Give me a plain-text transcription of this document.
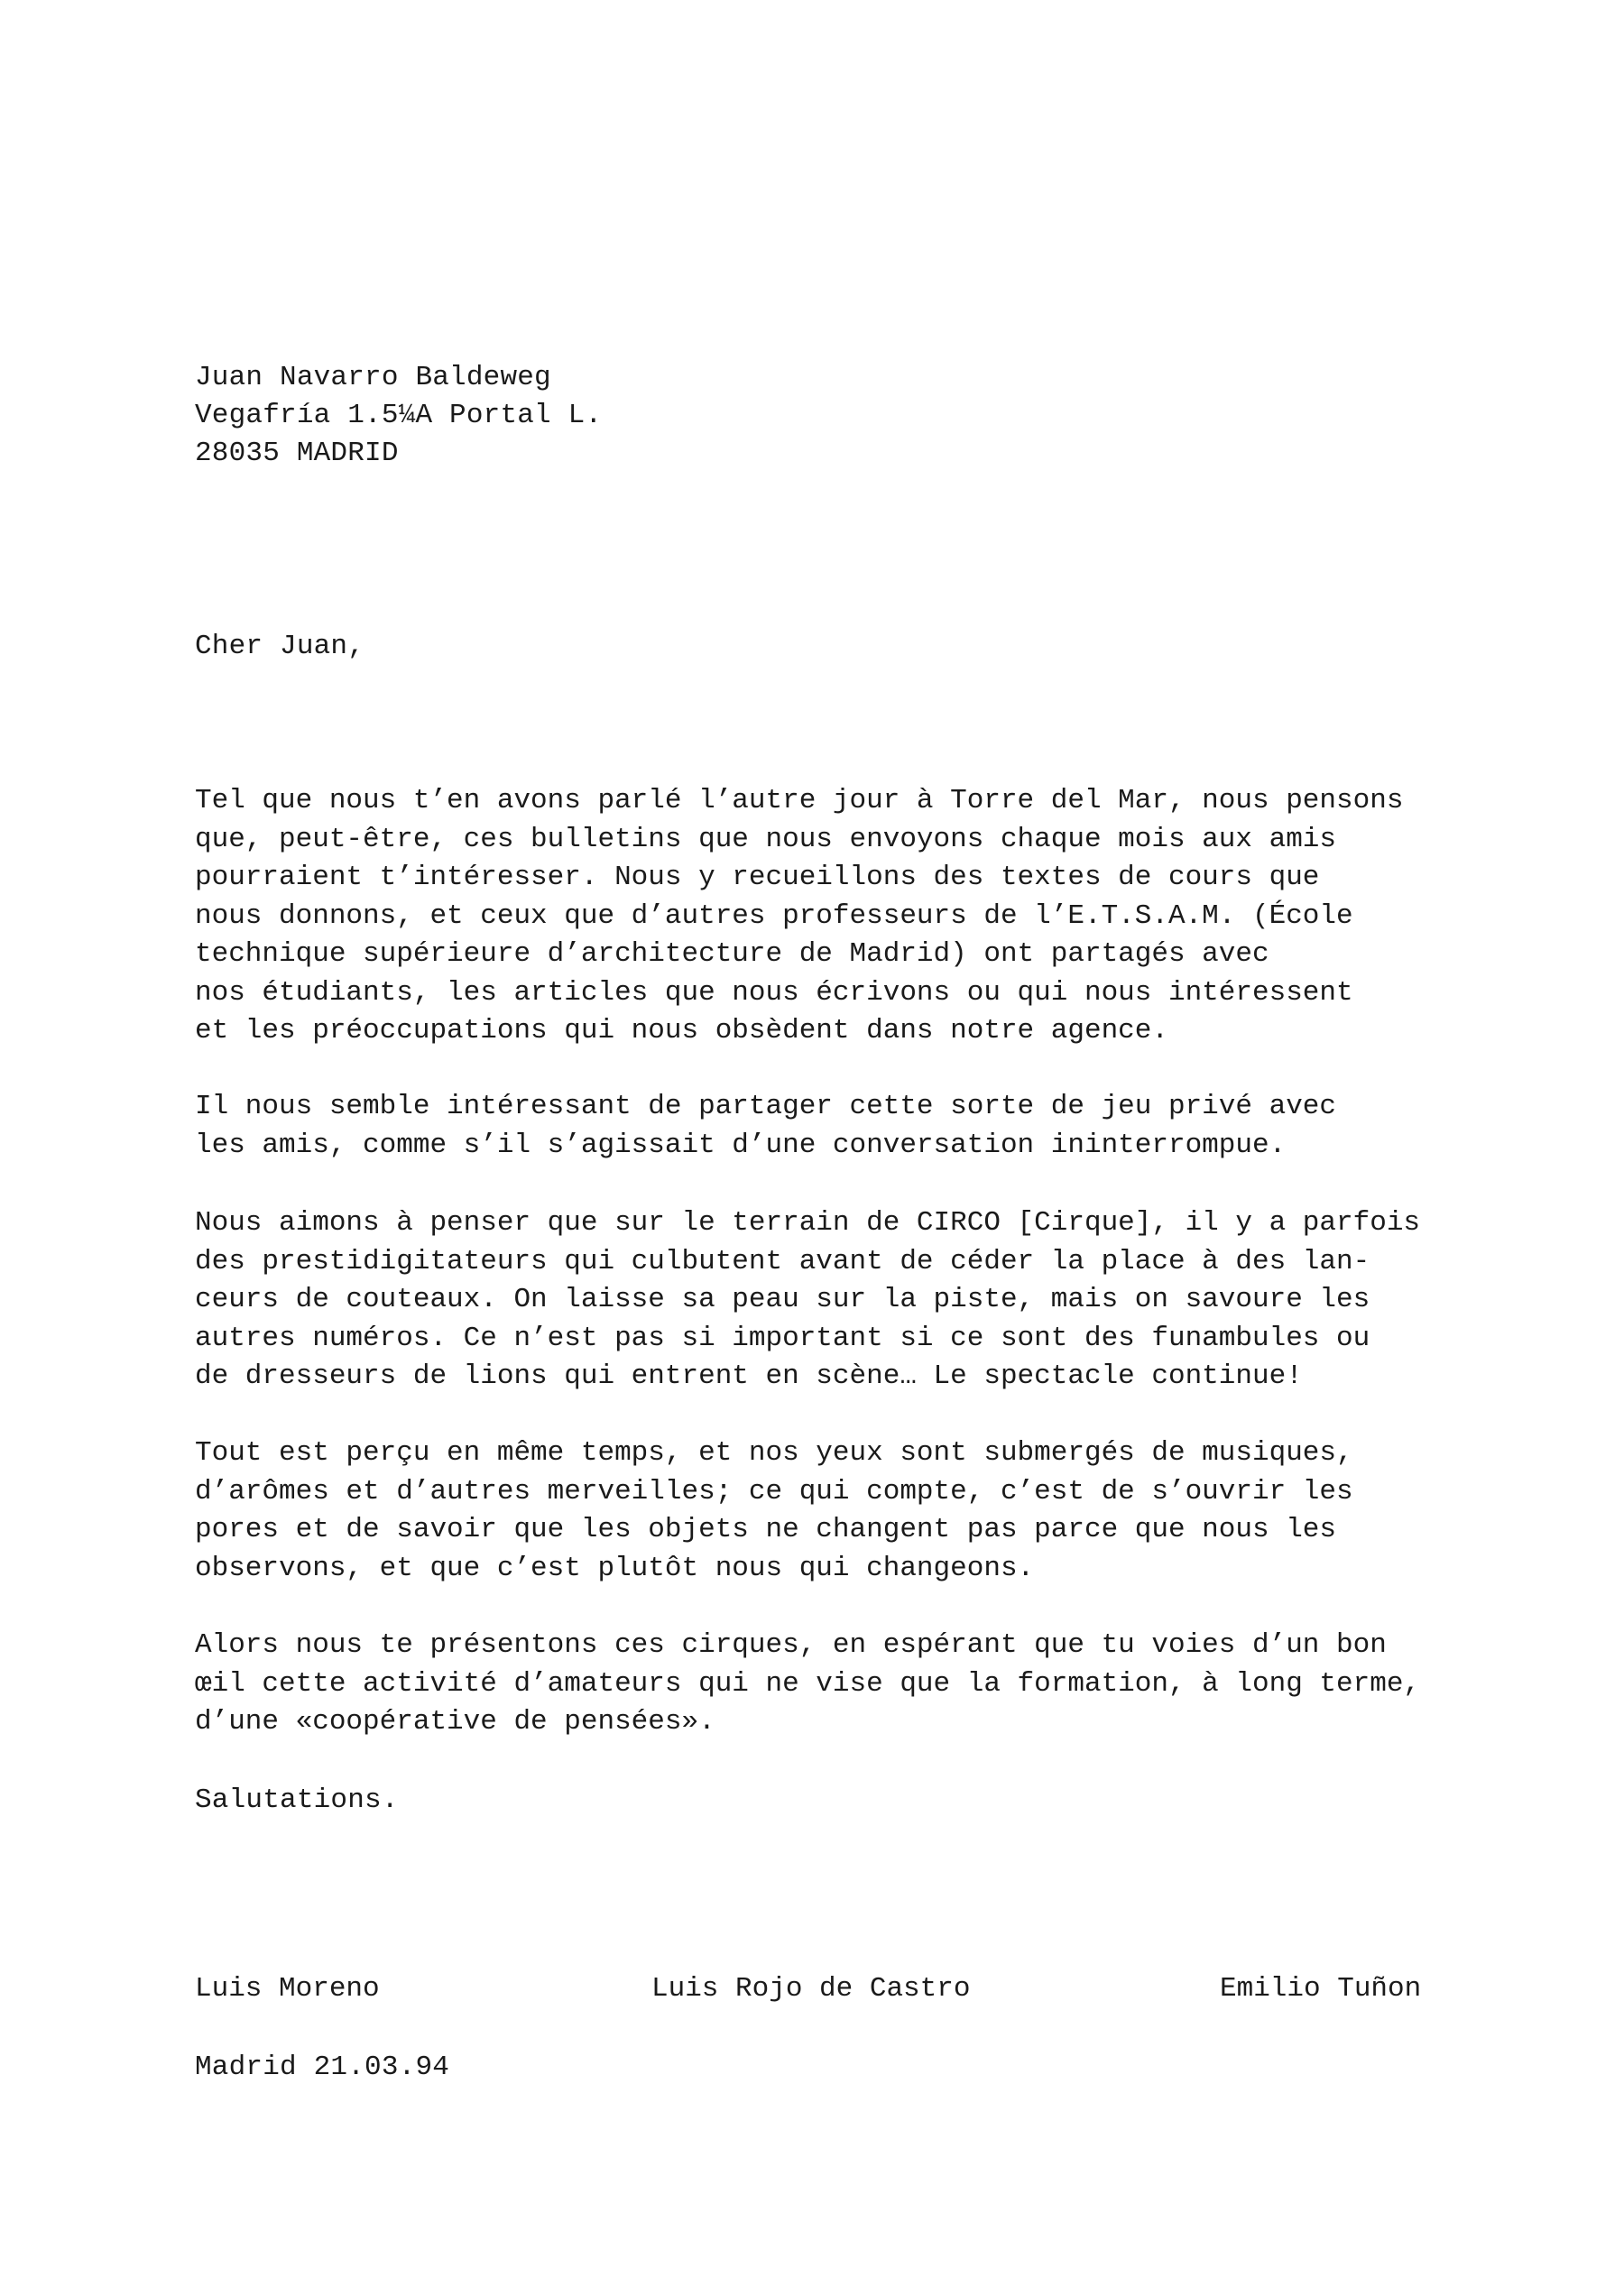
Juan Navarro Baldeweg
Vegafría 1.5¼A Portal L.
28035 MADRID
Cher Juan,
Tel que nous t’en avons parlé l’autre jour à Torre del Mar, nous pensons
que, peut-être, ces bulletins que nous envoyons chaque mois aux amis
pourraient t’intéresser. Nous y recueillons des textes de cours que
nous donnons, et ceux que d’autres professeurs de l’E.T.S.A.M. (École
technique supérieure d’architecture de Madrid) ont partagés avec
nos étudiants, les articles que nous écrivons ou qui nous intéressent
et les préoccupations qui nous obsèdent dans notre agence.
Il nous semble intéressant de partager cette sorte de jeu privé avec
les amis, comme s’il s’agissait d’une conversation ininterrompue.
Nous aimons à penser que sur le terrain de CIRCO [Cirque], il y a parfois
des prestidigitateurs qui culbutent avant de céder la place à des lan-
ceurs de couteaux. On laisse sa peau sur la piste, mais on savoure les
autres numéros. Ce n’est pas si important si ce sont des funambules ou
de dresseurs de lions qui entrent en scène… Le spectacle continue!
Tout est perçu en même temps, et nos yeux sont submergés de musiques,
d’arômes et d’autres merveilles; ce qui compte, c’est de s’ouvrir les
pores et de savoir que les objets ne changent pas parce que nous les
observons, et que c’est plutôt nous qui changeons.
Alors nous te présentons ces cirques, en espérant que tu voies d’un bon
œil cette activité d’amateurs qui ne vise que la formation, à long terme,
d’une «coopérative de pensées».
Salutations.
Luis Moreno	Luis Rojo de Castro	Emilio Tuñon
Madrid 21.03.94
